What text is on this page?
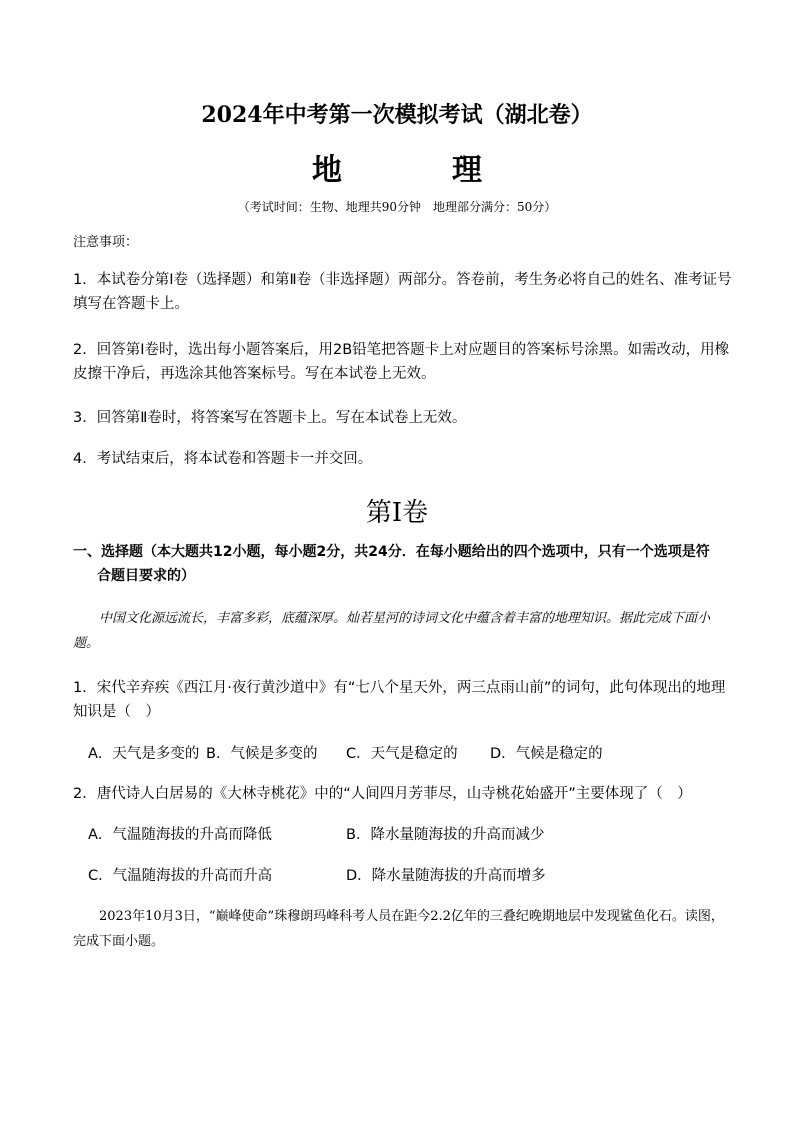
2024年中考第一次模拟考试（湖北卷）
地　理
（考试时间：生物、地理共90分钟　地理部分满分：50分）
注意事项：
1．本试卷分第Ⅰ卷（选择题）和第Ⅱ卷（非选择题）两部分。答卷前，考生务必将自己的姓名、准考证号填写在答题卡上。
2．回答第Ⅰ卷时，选出每小题答案后，用2B铅笔把答题卡上对应题目的答案标号涂黑。如需改动，用橡皮擦干净后，再选涂其他答案标号。写在本试卷上无效。
3．回答第Ⅱ卷时，将答案写在答题卡上。写在本试卷上无效。
4．考试结束后，将本试卷和答题卡一并交回。
第Ⅰ卷
一、选择题（本大题共12小题，每小题2分，共24分．在每小题给出的四个选项中，只有一个选项是符
合题目要求的）
中国文化源远流长，丰富多彩，底蕴深厚。灿若星河的诗词文化中蕴含着丰富的地理知识。据此完成下面小题。
1．宋代辛弃疾《西江月·夜行黄沙道中》有“七八个星天外，两三点雨山前”的词句，此句体现出的地理知识是（　）
A．天气是多变的 B．气候是多变的 C．天气是稳定的 D．气候是稳定的
2．唐代诗人白居易的《大林寺桃花》中的“人间四月芳菲尽，山寺桃花始盛开”主要体现了（　）
A．气温随海拔的升高而降低	B．降水量随海拔的升高而减少
C．气温随海拔的升高而升高	D．降水量随海拔的升高而增多
2023年10月3日，“巅峰使命”珠穆朗玛峰科考人员在距今2.2亿年的三叠纪晚期地层中发现鲨鱼化石。读图，完成下面小题。
